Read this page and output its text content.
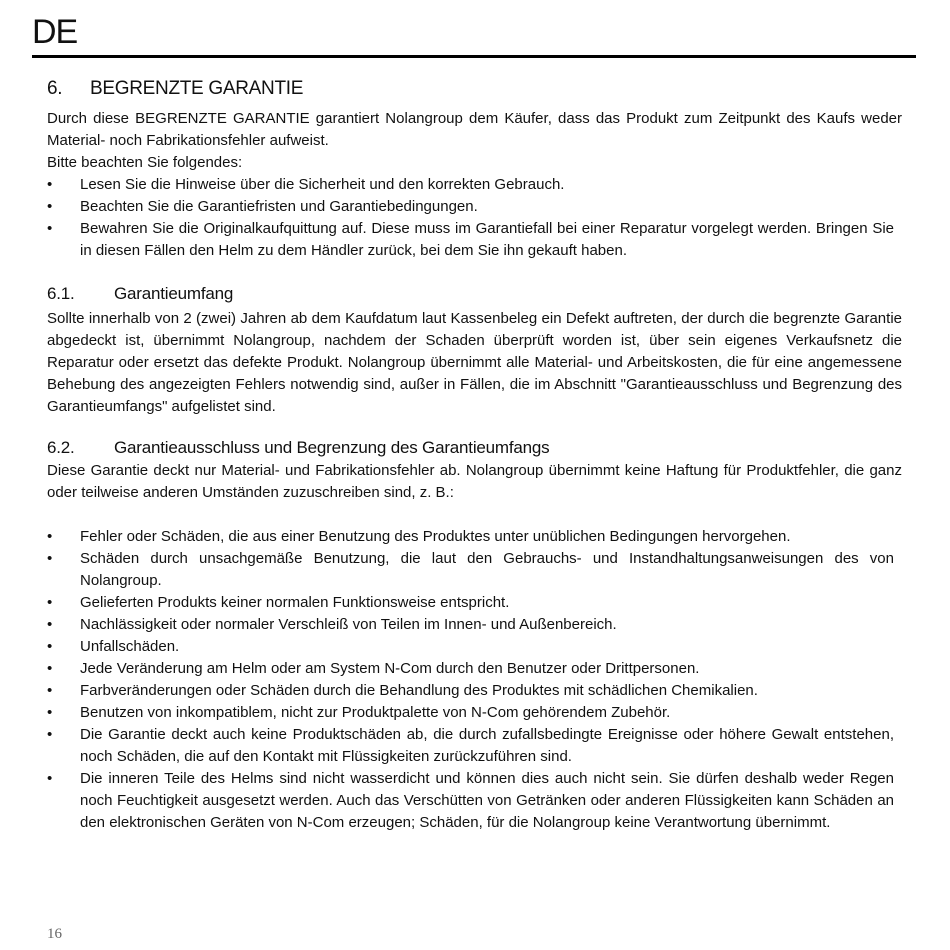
DE
6.	BEGRENZTE GARANTIE

Durch diese BEGRENZTE GARANTIE garantiert Nolangroup dem Käufer, dass das Produkt zum Zeitpunkt des Kaufs weder Material- noch Fabrikationsfehler aufweist.

Bitte beachten Sie folgendes:

•	Lesen Sie die Hinweise über die Sicherheit und den korrekten Gebrauch.
•	Beachten Sie die Garantiefristen und Garantiebedingungen.
•	Bewahren Sie die Originalkaufquittung auf. Diese muss im Garantiefall bei einer Reparatur vorgelegt werden. Bringen Sie in diesen Fällen den Helm zu dem Händler zurück, bei dem Sie ihn gekauft haben.
6.1.	Garantieumfang

Sollte innerhalb von 2 (zwei) Jahren ab dem Kaufdatum laut Kassenbeleg ein Defekt auftreten, der durch die begrenzte Garantie abgedeckt ist, übernimmt Nolangroup, nachdem der Schaden überprüft worden ist, über sein eigenes Verkaufsnetz die Reparatur oder ersetzt das defekte Produkt. Nolangroup übernimmt alle Material- und Arbeitskosten, die für eine angemessene Behebung des angezeigten Fehlers notwendig sind, außer in Fällen, die im Abschnitt "Garantieausschluss und Begrenzung des Garantieumfangs" aufgelistet sind.

6.2.	Garantieausschluss und Begrenzung des Garantieumfangs

Diese Garantie deckt nur Material- und Fabrikationsfehler ab. Nolangroup übernimmt keine Haftung für Produktfehler, die ganz oder teilweise anderen Umständen zuzuschreiben sind, z. B.:

•	Fehler oder Schäden, die aus einer Benutzung des Produktes unter unüblichen Bedingungen hervorgehen.
•	Schäden durch unsachgemäße Benutzung, die laut den Gebrauchs- und Instandhaltungsanweisungen des von Nolangroup.
•	Gelieferten Produkts keiner normalen Funktionsweise entspricht.
•	Nachlässigkeit oder normaler Verschleiß von Teilen im Innen- und Außenbereich.
•	Unfallschäden.
•	Jede Veränderung am Helm oder am System N-Com durch den Benutzer oder Drittpersonen.
•	Farbveränderungen oder Schäden durch die Behandlung des Produktes mit schädlichen Chemikalien.
•	Benutzen von inkompatiblem, nicht zur Produktpalette von N-Com gehörendem Zubehör.
•	Die Garantie deckt auch keine Produktschäden ab, die durch zufallsbedingte Ereignisse oder höhere Gewalt entstehen, noch Schäden, die auf den Kontakt mit Flüssigkeiten zurückzuführen sind.
•	Die inneren Teile des Helms sind nicht wasserdicht und können dies auch nicht sein. Sie dürfen deshalb weder Regen noch Feuchtigkeit ausgesetzt werden. Auch das Verschütten von Getränken oder anderen Flüssigkeiten kann Schäden an den elektronischen Geräten von N-Com erzeugen; Schäden, für die Nolangroup keine Verantwortung übernimmt.
16
